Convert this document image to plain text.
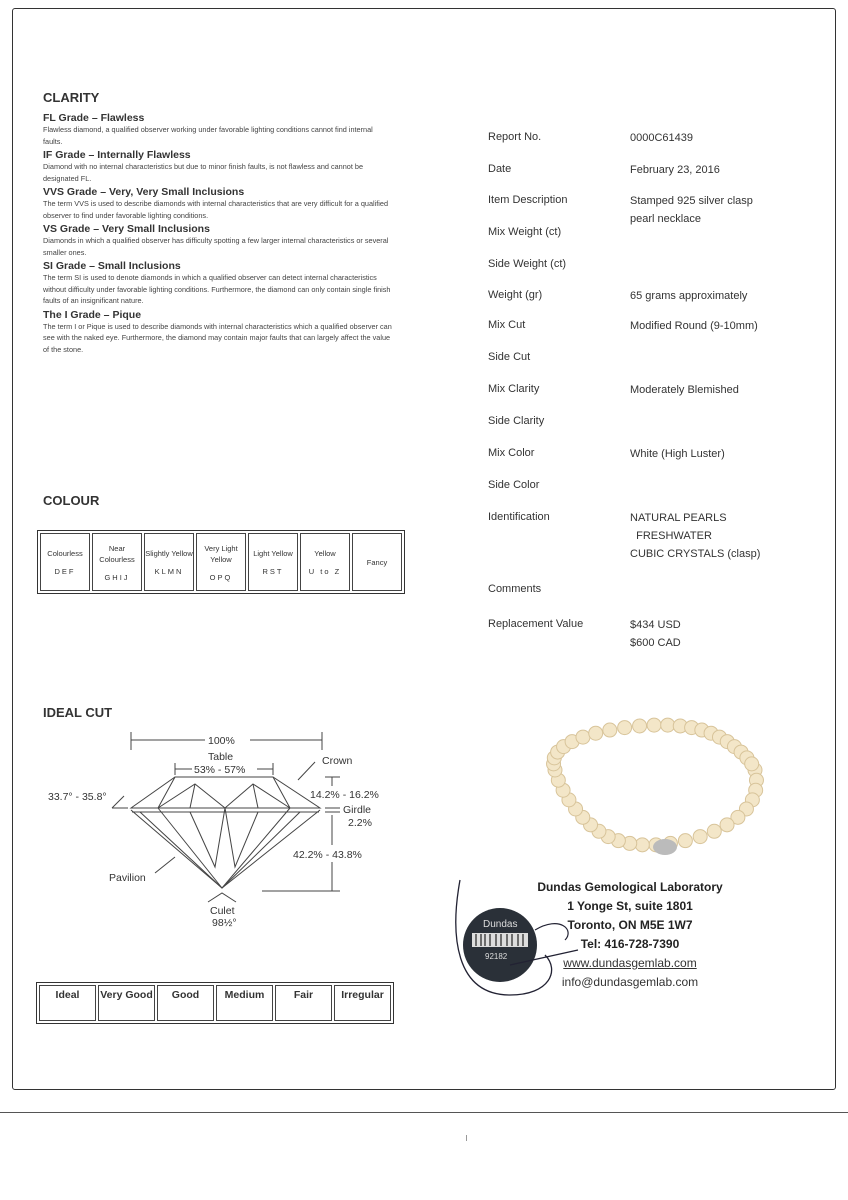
CLARITY
FL Grade – Flawless
Flawless diamond, a qualified observer working under favorable lighting conditions cannot find internal faults.
IF Grade – Internally Flawless
Diamond with no internal characteristics but due to minor finish faults, is not flawless and cannot be designated FL.
VVS Grade – Very, Very Small Inclusions
The term VVS is used to describe diamonds with internal characteristics that are very difficult for a qualified observer to find under favorable lighting conditions.
VS Grade – Very Small Inclusions
Diamonds in which a qualified observer has difficulty spotting a few larger internal characteristics or several smaller ones.
SI Grade – Small Inclusions
The term SI is used to denote diamonds in which a qualified observer can detect internal characteristics without difficulty under favorable lighting conditions. Furthermore, the diamond can only contain single finish faults of an insignificant nature.
The I Grade – Pique
The term I or Pique is used to describe diamonds with internal characteristics which a qualified observer can see with the naked eye. Furthermore, the diamond may contain major faults that can largely affect the value of the stone.
COLOUR
Colourless
DEF

Near Colourless
GHIJ

Slightly Yellow
KLMN

Very Light Yellow
OPQ

Light Yellow
RST

Yellow
U to Z

Fancy
IDEAL CUT
100%
Table
53% - 57%
Crown
33.7° - 35.8°	14.2% - 16.2%
Girdle
2.2%
42.2% - 43.8%
Pavilion
Culet
98½°
Ideal	Very Good	Good	Medium	Fair	Irregular
Report No.	0000C61439
Date	February 23, 2016
Item Description	Stamped 925 silver clasp
pearl necklace
Mix Weight (ct)
Side Weight (ct)
Weight (gr)	65 grams approximately
Mix Cut	Modified Round (9-10mm)
Side Cut
Mix Clarity	Moderately Blemished
Side Clarity
Mix Color	White (High Luster)
Side Color
Identification	NATURAL PEARLS
FRESHWATER
CUBIC CRYSTALS (clasp)
Comments
Replacement Value	$434 USD
$600 CAD
Dundas
92182
Dundas Gemological Laboratory
1 Yonge St, suite 1801
Toronto, ON M5E 1W7
Tel: 416-728-7390
www.dundasgemlab.com
info@dundasgemlab.com
